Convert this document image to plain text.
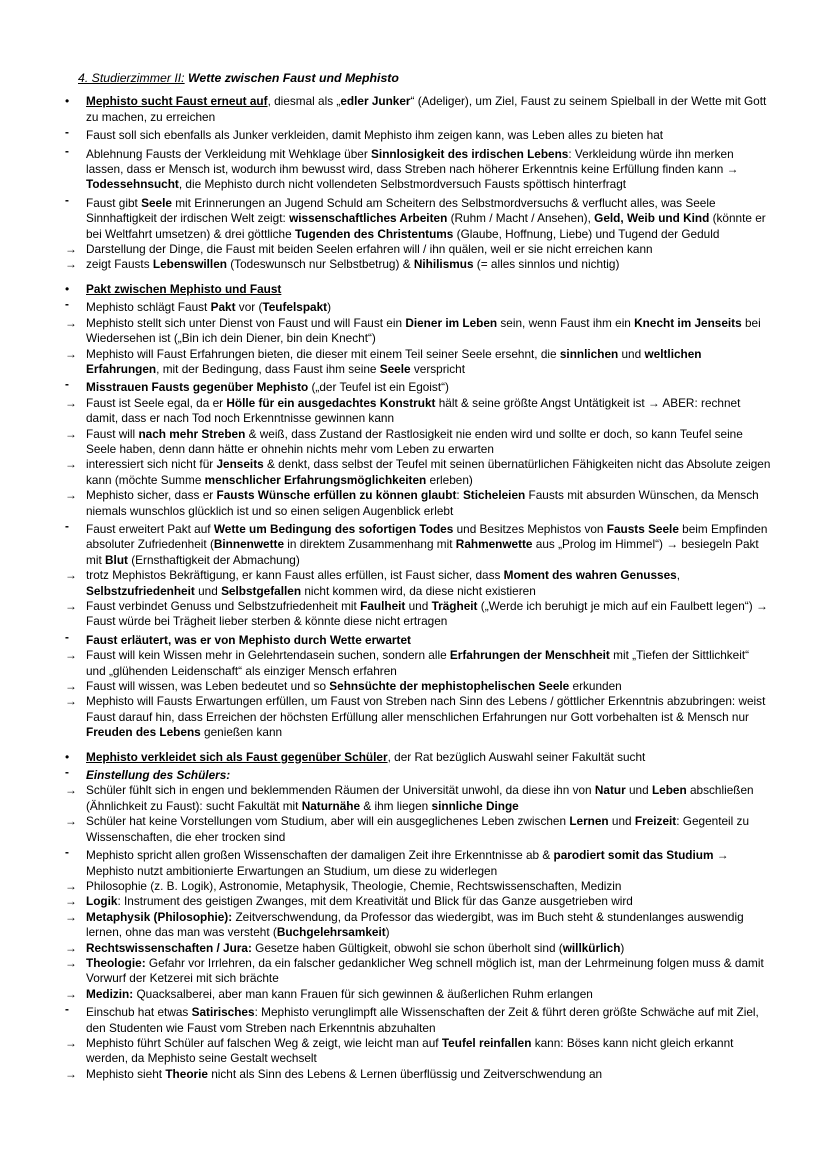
4. Studierzimmer II: Wette zwischen Faust und Mephisto
•	Mephisto sucht Faust erneut auf, diesmal als „edler Junker“ (Adeliger), um Ziel, Faust zu seinem Spielball in der Wette mit Gott zu machen, zu erreichen
-	Faust soll sich ebenfalls als Junker verkleiden, damit Mephisto ihm zeigen kann, was Leben alles zu bieten hat
-	Ablehnung Fausts der Verkleidung mit Wehklage über Sinnlosigkeit des irdischen Lebens: Verkleidung würde ihn merken lassen, dass er Mensch ist, wodurch ihm bewusst wird, dass Streben nach höherer Erkenntnis keine Erfüllung finden kann → Todessehnsucht, die Mephisto durch nicht vollendeten Selbstmordversuch Fausts spöttisch hinterfragt
-	Faust gibt Seele mit Erinnerungen an Jugend Schuld am Scheitern des Selbstmordversuchs & verflucht alles, was Seele Sinnhaftigkeit der irdischen Welt zeigt: wissenschaftliches Arbeiten (Ruhm / Macht / Ansehen), Geld, Weib und Kind (könnte er bei Weltfahrt umsetzen) & drei göttliche Tugenden des Christentums (Glaube, Hoffnung, Liebe) und Tugend der Geduld
→ Darstellung der Dinge, die Faust mit beiden Seelen erfahren will / ihn quälen, weil er sie nicht erreichen kann
→ zeigt Fausts Lebenswillen (Todeswunsch nur Selbstbetrug) & Nihilismus (= alles sinnlos und nichtig)
•	Pakt zwischen Mephisto und Faust
-	Mephisto schlägt Faust Pakt vor (Teufelspakt)
→ Mephisto stellt sich unter Dienst von Faust und will Faust ein Diener im Leben sein, wenn Faust ihm ein Knecht im Jenseits bei Wiedersehen ist („Bin ich dein Diener, bin dein Knecht“)
→ Mephisto will Faust Erfahrungen bieten, die dieser mit einem Teil seiner Seele ersehnt, die sinnlichen und weltlichen Erfahrungen, mit der Bedingung, dass Faust ihm seine Seele verspricht
-	Misstrauen Fausts gegenüber Mephisto („der Teufel ist ein Egoist“)
→ Faust ist Seele egal, da er Hölle für ein ausgedachtes Konstrukt hält & seine größte Angst Untätigkeit ist → ABER: rechnet damit, dass er nach Tod noch Erkenntnisse gewinnen kann
→ Faust will nach mehr Streben & weiß, dass Zustand der Rastlosigkeit nie enden wird und sollte er doch, so kann Teufel seine Seele haben, denn dann hätte er ohnehin nichts mehr vom Leben zu erwarten
→ interessiert sich nicht für Jenseits & denkt, dass selbst der Teufel mit seinen übernatürlichen Fähigkeiten nicht das Absolute zeigen kann (möchte Summe menschlicher Erfahrungsmöglichkeiten erleben)
→ Mephisto sicher, dass er Fausts Wünsche erfüllen zu können glaubt: Sticheleien Fausts mit absurden Wünschen, da Mensch niemals wunschlos glücklich ist und so einen seligen Augenblick erlebt
-	Faust erweitert Pakt auf Wette um Bedingung des sofortigen Todes und Besitzes Mephistos von Fausts Seele beim Empfinden absoluter Zufriedenheit (Binnenwette in direktem Zusammenhang mit Rahmenwette aus „Prolog im Himmel“) → besiegeln Pakt mit Blut (Ernsthaftigkeit der Abmachung)
→ trotz Mephistos Bekräftigung, er kann Faust alles erfüllen, ist Faust sicher, dass Moment des wahren Genusses, Selbstzufriedenheit und Selbstgefallen nicht kommen wird, da diese nicht existieren
→ Faust verbindet Genuss und Selbstzufriedenheit mit Faulheit und Trägheit („Werde ich beruhigt je mich auf ein Faulbett legen“) → Faust würde bei Trägheit lieber sterben & könnte diese nicht ertragen
-	Faust erläutert, was er von Mephisto durch Wette erwartet
→ Faust will kein Wissen mehr in Gelehrtendasein suchen, sondern alle Erfahrungen der Menschheit mit „Tiefen der Sittlichkeit“ und „glühenden Leidenschaft“ als einziger Mensch erfahren
→ Faust will wissen, was Leben bedeutet und so Sehnsüchte der mephistophelischen Seele erkunden
→ Mephisto will Fausts Erwartungen erfüllen, um Faust von Streben nach Sinn des Lebens / göttlicher Erkenntnis abzubringen: weist Faust darauf hin, dass Erreichen der höchsten Erfüllung aller menschlichen Erfahrungen nur Gott vorbehalten ist & Mensch nur Freuden des Lebens genießen kann
•	Mephisto verkleidet sich als Faust gegenüber Schüler, der Rat bezüglich Auswahl seiner Fakultät sucht
-	Einstellung des Schülers:
→ Schüler fühlt sich in engen und beklemmenden Räumen der Universität unwohl, da diese ihn von Natur und Leben abschließen (Ähnlichkeit zu Faust): sucht Fakultät mit Naturnähe & ihm liegen sinnliche Dinge
→ Schüler hat keine Vorstellungen vom Studium, aber will ein ausgeglichenes Leben zwischen Lernen und Freizeit: Gegenteil zu Wissenschaften, die eher trocken sind
-	Mephisto spricht allen großen Wissenschaften der damaligen Zeit ihre Erkenntnisse ab & parodiert somit das Studium → Mephisto nutzt ambitionierte Erwartungen an Studium, um diese zu widerlegen
→ Philosophie (z. B. Logik), Astronomie, Metaphysik, Theologie, Chemie, Rechtswissenschaften, Medizin
→ Logik: Instrument des geistigen Zwanges, mit dem Kreativität und Blick für das Ganze ausgetrieben wird
→ Metaphysik (Philosophie): Zeitverschwendung, da Professor das wiedergibt, was im Buch steht & stundenlanges auswendig lernen, ohne das man was versteht (Buchgelehrsamkeit)
→ Rechtswissenschaften / Jura: Gesetze haben Gültigkeit, obwohl sie schon überholt sind (willkürlich)
→ Theologie: Gefahr vor Irrlehren, da ein falscher gedanklicher Weg schnell möglich ist, man der Lehrmeinung folgen muss & damit Vorwurf der Ketzerei mit sich brächte
→ Medizin: Quacksalberei, aber man kann Frauen für sich gewinnen & äußerlichen Ruhm erlangen
-	Einschub hat etwas Satirisches: Mephisto verunglimpft alle Wissenschaften der Zeit & führt deren größte Schwäche auf mit Ziel, den Studenten wie Faust vom Streben nach Erkenntnis abzuhalten
→ Mephisto führt Schüler auf falschen Weg & zeigt, wie leicht man auf Teufel reinfallen kann: Böses kann nicht gleich erkannt werden, da Mephisto seine Gestalt wechselt
→ Mephisto sieht Theorie nicht als Sinn des Lebens & Lernen überflüssig und Zeitverschwendung an
